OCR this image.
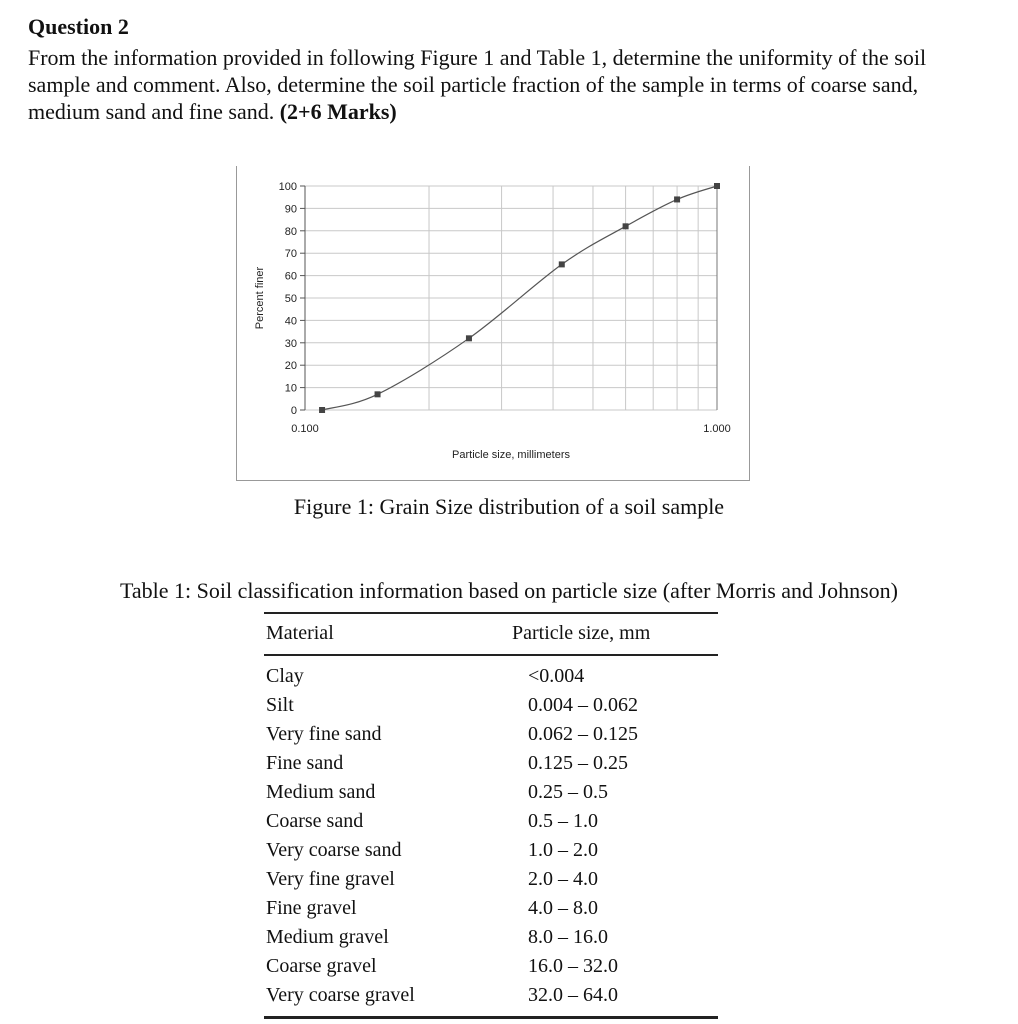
Question 2

From the information provided in following Figure 1 and Table 1, determine the uniformity of the soil sample and comment. Also, determine the soil particle fraction of the sample in terms of coarse sand, medium sand and fine sand. (2+6 Marks)

0
10
20
30
40
50
60
70
80
90
100
0.100	1.000
Particle size, millimeters
Percent finer
Figure 1: Grain Size distribution of a soil sample
Table 1: Soil classification information based on particle size (after Morris and Johnson)
Material	Particle size, mm
Clay	<0.004
Silt	0.004 – 0.062
Very fine sand	0.062 – 0.125
Fine sand	0.125 – 0.25
Medium sand	0.25 – 0.5
Coarse sand	0.5 – 1.0
Very coarse sand	1.0 – 2.0
Very fine gravel	2.0 – 4.0
Fine gravel	4.0 – 8.0
Medium gravel	8.0 – 16.0
Coarse gravel	16.0 – 32.0
Very coarse gravel	32.0 – 64.0
